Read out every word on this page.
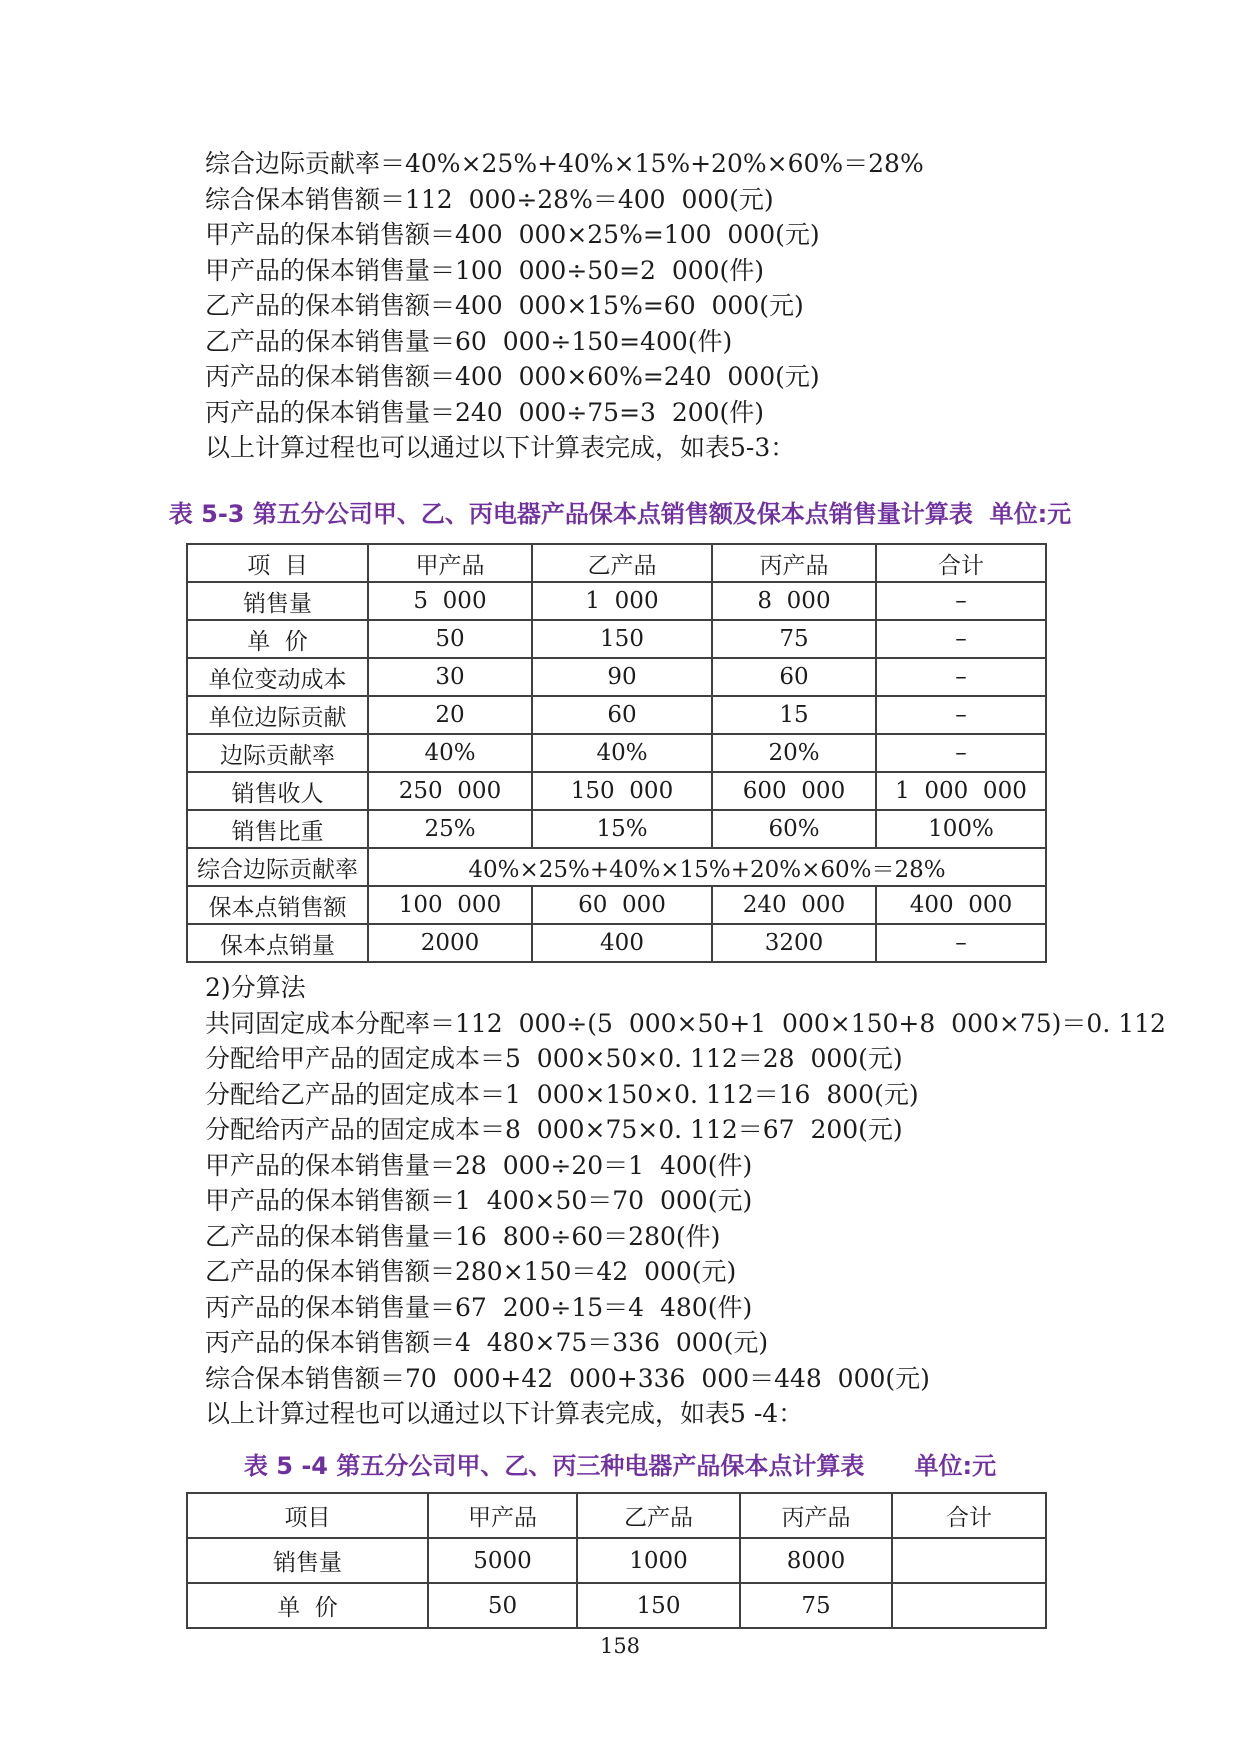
综合边际贡献率＝40%×25%+40%×15%+20%×60%＝28%
综合保本销售额＝112  000÷28%＝400  000(元)
甲产品的保本销售额＝400  000×25%=100  000(元)
甲产品的保本销售量＝100  000÷50=2  000(件)
乙产品的保本销售额＝400  000×15%=60  000(元)
乙产品的保本销售量＝60  000÷150=400(件)
丙产品的保本销售额＝400  000×60%=240  000(元)
丙产品的保本销售量＝240  000÷75=3  200(件)
以上计算过程也可以通过以下计算表完成，如表5-3：
表 5-3 第五分公司甲、乙、丙电器产品保本点销售额及保本点销售量计算表  单位:元
项  目	甲产品	乙产品	丙产品	合计
销售量	5  000	1  000	8  000	–
单  价	50	150	75	–
单位变动成本	30	90	60	–
单位边际贡献	20	60	15	–
边际贡献率	40%	40%	20%	–
销售收人	250  000	150  000	600  000	1  000  000
销售比重	25%	15%	60%	100%
综合边际贡献率	40%×25%+40%×15%+20%×60%＝28%			
保本点销售额	100  000	60  000	240  000	400  000
保本点销量	2000	400	3200	–
2)分算法
共同固定成本分配率＝112  000÷(5  000×50+1  000×150+8  000×75)＝0. 112
分配给甲产品的固定成本＝5  000×50×0. 112＝28  000(元)
分配给乙产品的固定成本＝1  000×150×0. 112＝16  800(元)
分配给丙产品的固定成本＝8  000×75×0. 112＝67  200(元)
甲产品的保本销售量＝28  000÷20＝1  400(件)
甲产品的保本销售额＝1  400×50＝70  000(元)
乙产品的保本销售量＝16  800÷60＝280(件)
乙产品的保本销售额＝280×150＝42  000(元)
丙产品的保本销售量＝67  200÷15＝4  480(件)
丙产品的保本销售额＝4  480×75＝336  000(元)
综合保本销售额＝70  000+42  000+336  000＝448  000(元)
以上计算过程也可以通过以下计算表完成，如表5 -4：
表 5 -4 第五分公司甲、乙、丙三种电器产品保本点计算表      单位:元
项目	甲产品	乙产品	丙产品	合计
销售量	5000	1000	8000	
单  价	50	150	75	
158
